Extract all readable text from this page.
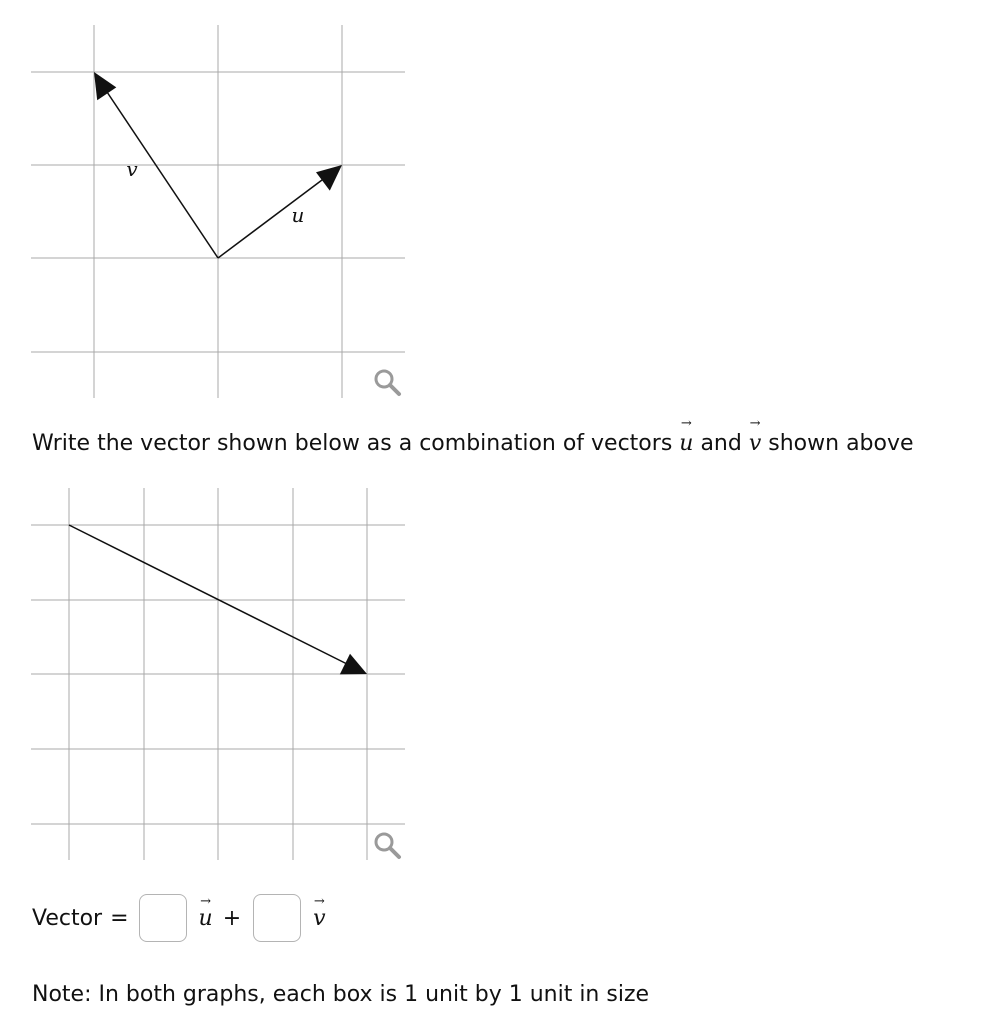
v
u
Write the vector shown below as a combination of vectors
→
u and
→
v shown above
Vector =
→
u +
→
v
Note: In both graphs, each box is 1 unit by 1 unit in size
